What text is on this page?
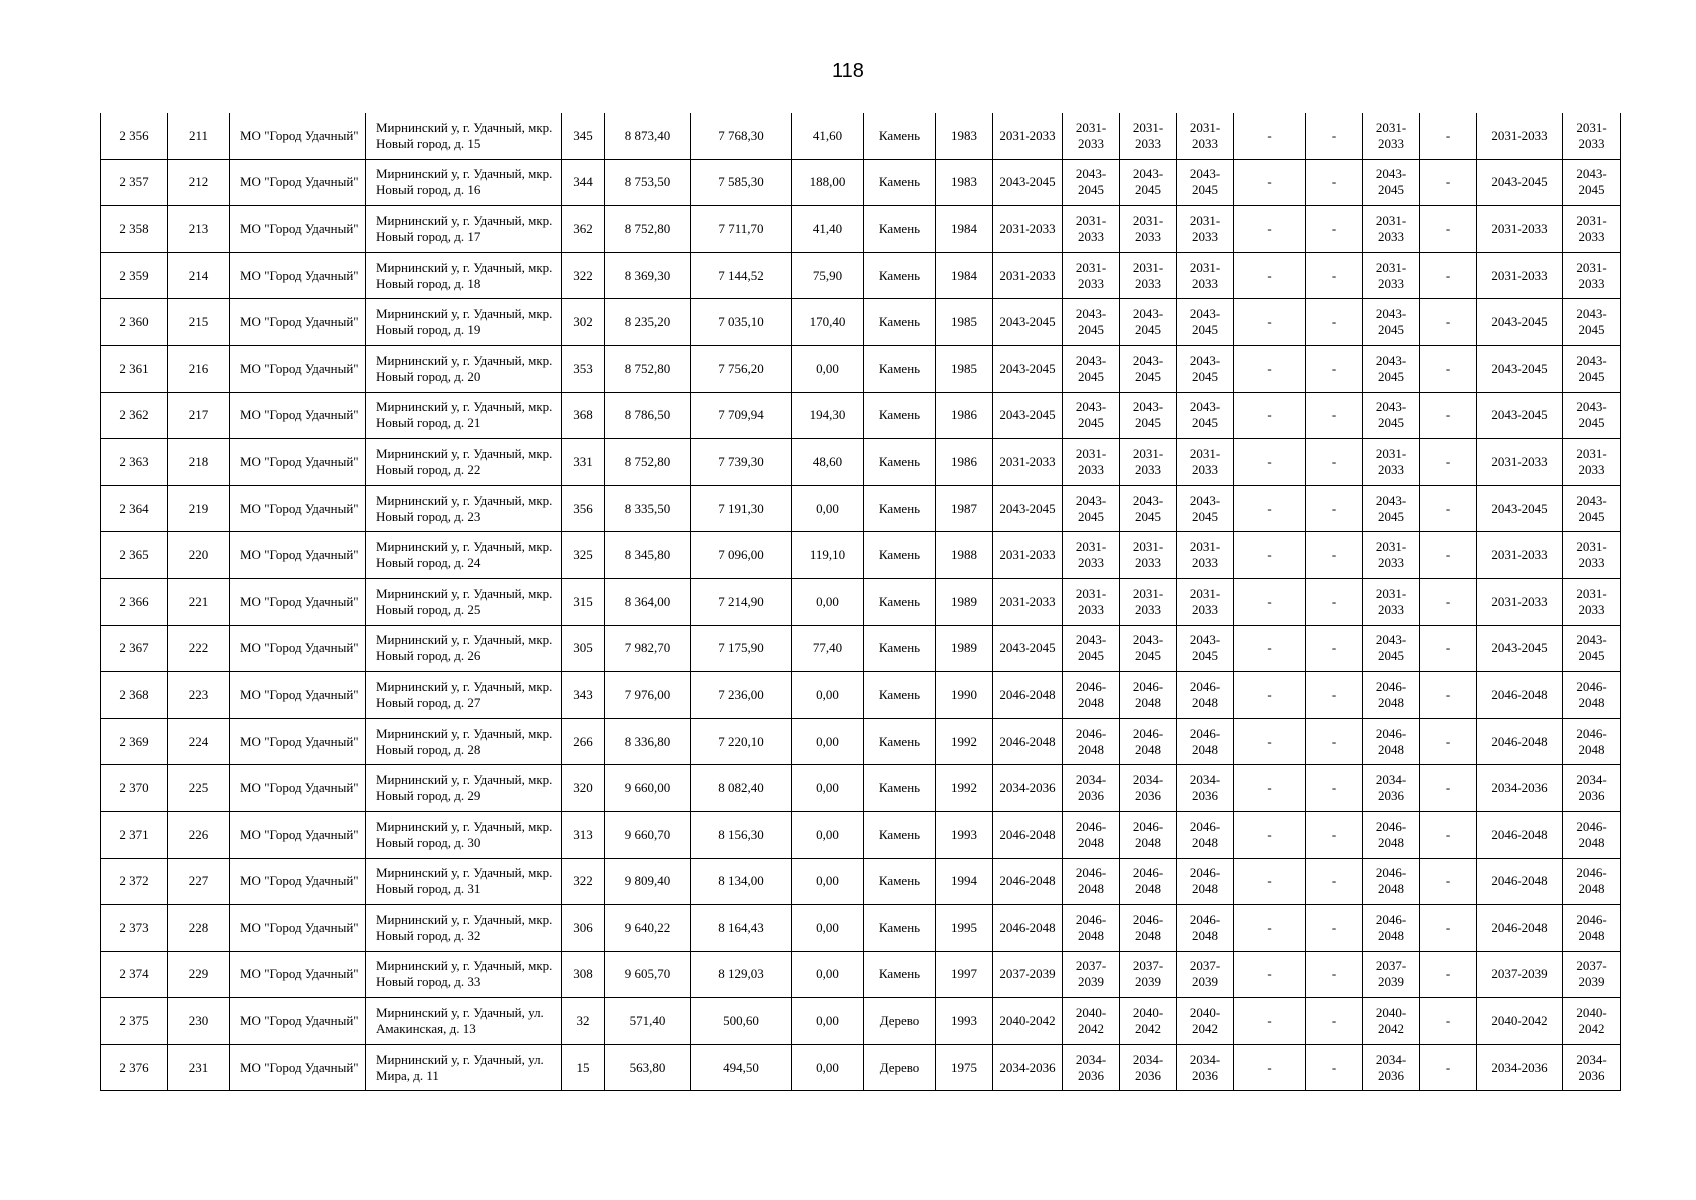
118
2 356	211	МО "Город Удачный"	Мирнинский у, г. Удачный, мкр. Новый город, д. 15	345	8 873,40	7 768,30	41,60	Камень	1983	2031-2033	2031-2033	2031-2033	2031-2033	-	-	2031-2033	-	2031-2033	2031-2033
2 357	212	МО "Город Удачный"	Мирнинский у, г. Удачный, мкр. Новый город, д. 16	344	8 753,50	7 585,30	188,00	Камень	1983	2043-2045	2043-2045	2043-2045	2043-2045	-	-	2043-2045	-	2043-2045	2043-2045
2 358	213	МО "Город Удачный"	Мирнинский у, г. Удачный, мкр. Новый город, д. 17	362	8 752,80	7 711,70	41,40	Камень	1984	2031-2033	2031-2033	2031-2033	2031-2033	-	-	2031-2033	-	2031-2033	2031-2033
2 359	214	МО "Город Удачный"	Мирнинский у, г. Удачный, мкр. Новый город, д. 18	322	8 369,30	7 144,52	75,90	Камень	1984	2031-2033	2031-2033	2031-2033	2031-2033	-	-	2031-2033	-	2031-2033	2031-2033
2 360	215	МО "Город Удачный"	Мирнинский у, г. Удачный, мкр. Новый город, д. 19	302	8 235,20	7 035,10	170,40	Камень	1985	2043-2045	2043-2045	2043-2045	2043-2045	-	-	2043-2045	-	2043-2045	2043-2045
2 361	216	МО "Город Удачный"	Мирнинский у, г. Удачный, мкр. Новый город, д. 20	353	8 752,80	7 756,20	0,00	Камень	1985	2043-2045	2043-2045	2043-2045	2043-2045	-	-	2043-2045	-	2043-2045	2043-2045
2 362	217	МО "Город Удачный"	Мирнинский у, г. Удачный, мкр. Новый город, д. 21	368	8 786,50	7 709,94	194,30	Камень	1986	2043-2045	2043-2045	2043-2045	2043-2045	-	-	2043-2045	-	2043-2045	2043-2045
2 363	218	МО "Город Удачный"	Мирнинский у, г. Удачный, мкр. Новый город, д. 22	331	8 752,80	7 739,30	48,60	Камень	1986	2031-2033	2031-2033	2031-2033	2031-2033	-	-	2031-2033	-	2031-2033	2031-2033
2 364	219	МО "Город Удачный"	Мирнинский у, г. Удачный, мкр. Новый город, д. 23	356	8 335,50	7 191,30	0,00	Камень	1987	2043-2045	2043-2045	2043-2045	2043-2045	-	-	2043-2045	-	2043-2045	2043-2045
2 365	220	МО "Город Удачный"	Мирнинский у, г. Удачный, мкр. Новый город, д. 24	325	8 345,80	7 096,00	119,10	Камень	1988	2031-2033	2031-2033	2031-2033	2031-2033	-	-	2031-2033	-	2031-2033	2031-2033
2 366	221	МО "Город Удачный"	Мирнинский у, г. Удачный, мкр. Новый город, д. 25	315	8 364,00	7 214,90	0,00	Камень	1989	2031-2033	2031-2033	2031-2033	2031-2033	-	-	2031-2033	-	2031-2033	2031-2033
2 367	222	МО "Город Удачный"	Мирнинский у, г. Удачный, мкр. Новый город, д. 26	305	7 982,70	7 175,90	77,40	Камень	1989	2043-2045	2043-2045	2043-2045	2043-2045	-	-	2043-2045	-	2043-2045	2043-2045
2 368	223	МО "Город Удачный"	Мирнинский у, г. Удачный, мкр. Новый город, д. 27	343	7 976,00	7 236,00	0,00	Камень	1990	2046-2048	2046-2048	2046-2048	2046-2048	-	-	2046-2048	-	2046-2048	2046-2048
2 369	224	МО "Город Удачный"	Мирнинский у, г. Удачный, мкр. Новый город, д. 28	266	8 336,80	7 220,10	0,00	Камень	1992	2046-2048	2046-2048	2046-2048	2046-2048	-	-	2046-2048	-	2046-2048	2046-2048
2 370	225	МО "Город Удачный"	Мирнинский у, г. Удачный, мкр. Новый город, д. 29	320	9 660,00	8 082,40	0,00	Камень	1992	2034-2036	2034-2036	2034-2036	2034-2036	-	-	2034-2036	-	2034-2036	2034-2036
2 371	226	МО "Город Удачный"	Мирнинский у, г. Удачный, мкр. Новый город, д. 30	313	9 660,70	8 156,30	0,00	Камень	1993	2046-2048	2046-2048	2046-2048	2046-2048	-	-	2046-2048	-	2046-2048	2046-2048
2 372	227	МО "Город Удачный"	Мирнинский у, г. Удачный, мкр. Новый город, д. 31	322	9 809,40	8 134,00	0,00	Камень	1994	2046-2048	2046-2048	2046-2048	2046-2048	-	-	2046-2048	-	2046-2048	2046-2048
2 373	228	МО "Город Удачный"	Мирнинский у, г. Удачный, мкр. Новый город, д. 32	306	9 640,22	8 164,43	0,00	Камень	1995	2046-2048	2046-2048	2046-2048	2046-2048	-	-	2046-2048	-	2046-2048	2046-2048
2 374	229	МО "Город Удачный"	Мирнинский у, г. Удачный, мкр. Новый город, д. 33	308	9 605,70	8 129,03	0,00	Камень	1997	2037-2039	2037-2039	2037-2039	2037-2039	-	-	2037-2039	-	2037-2039	2037-2039
2 375	230	МО "Город Удачный"	Мирнинский у, г. Удачный, ул. Амакинская, д. 13	32	571,40	500,60	0,00	Дерево	1993	2040-2042	2040-2042	2040-2042	2040-2042	-	-	2040-2042	-	2040-2042	2040-2042
2 376	231	МО "Город Удачный"	Мирнинский у, г. Удачный, ул. Мира, д. 11	15	563,80	494,50	0,00	Дерево	1975	2034-2036	2034-2036	2034-2036	2034-2036	-	-	2034-2036	-	2034-2036	2034-2036
